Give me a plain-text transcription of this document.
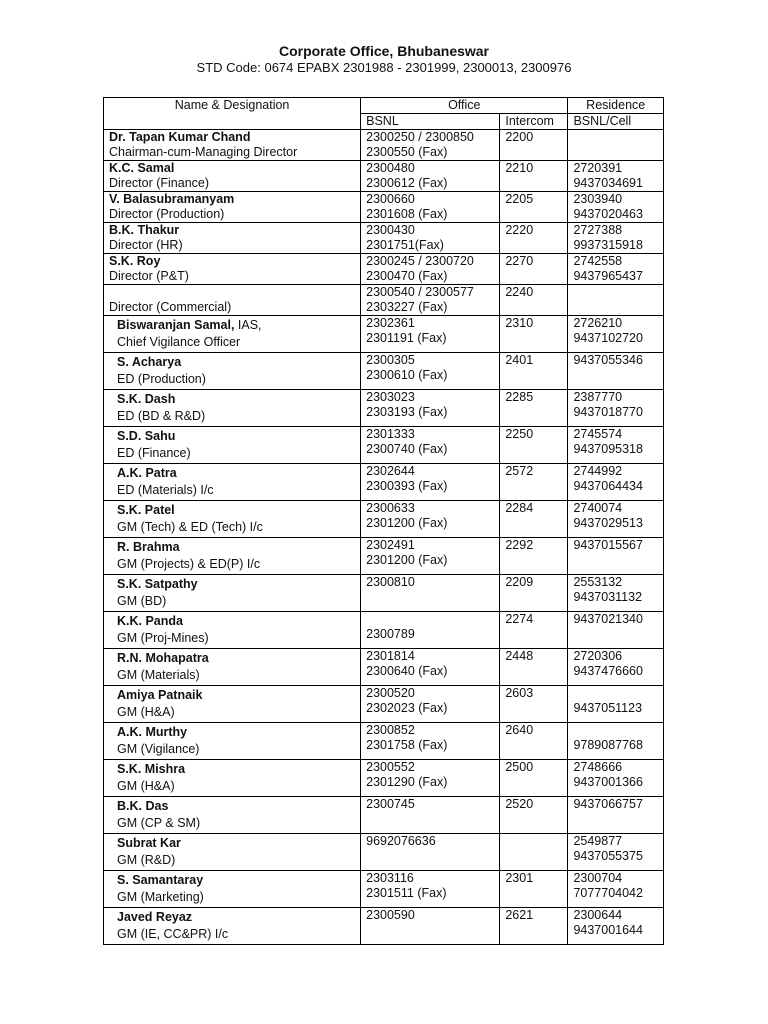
Corporate Office, Bhubaneswar
STD Code: 0674 EPABX 2301988 - 2301999, 2300013, 2300976
Name & Designation	Office		Residence
	BSNL	Intercom	BSNL/Cell

Dr. Tapan Kumar Chand
Chairman-cum-Managing Director	2300250 / 2300850
2300550 (Fax)	2200	

K.C. Samal
Director (Finance)	2300480
2300612 (Fax)	2210	2720391
9437034691

V. Balasubramanyam
Director (Production)	2300660
2301608 (Fax)	2205	2303940
9437020463

B.K. Thakur
Director (HR)	2300430
2301751(Fax)	2220	2727388
9937315918

S.K. Roy
Director (P&T)	2300245 / 2300720
2300470 (Fax)	2270	2742558
9437965437

Director (Commercial)	2300540 / 2300577
2303227 (Fax)	2240	

Biswaranjan Samal, IAS,
Chief Vigilance Officer	2302361
2301191 (Fax)	2310	2726210
9437102720

S. Acharya
ED (Production)	2300305
2300610 (Fax)	2401	9437055346

S.K. Dash
ED (BD & R&D)	2303023
2303193 (Fax)	2285	2387770
9437018770

S.D. Sahu
ED (Finance)	2301333
2300740 (Fax)	2250	2745574
9437095318

A.K. Patra
ED (Materials) I/c	2302644
2300393 (Fax)	2572	2744992
9437064434

S.K. Patel
GM (Tech) & ED (Tech) I/c	2300633
2301200 (Fax)	2284	2740074
9437029513

R. Brahma
GM (Projects) & ED(P) I/c	2302491
2301200 (Fax)	2292	9437015567

S.K. Satpathy
GM (BD)	2300810	2209	2553132
9437031132

K.K. Panda
GM (Proj-Mines)	2300789	2274	9437021340

R.N. Mohapatra
GM (Materials)	2301814
2300640 (Fax)	2448	2720306
9437476660

Amiya Patnaik
GM (H&A)	2300520
2302023 (Fax)	2603	9437051123

A.K. Murthy
GM (Vigilance)	2300852
2301758 (Fax)	2640	9789087768

S.K. Mishra
GM (H&A)	2300552
2301290 (Fax)	2500	2748666
9437001366

B.K. Das
GM (CP & SM)	2300745	2520	9437066757

Subrat Kar
GM (R&D)	9692076636		2549877
9437055375

S. Samantaray
GM (Marketing)	2303116
2301511 (Fax)	2301	2300704
7077704042

Javed Reyaz
GM (IE, CC&PR) I/c	2300590	2621	2300644
9437001644
